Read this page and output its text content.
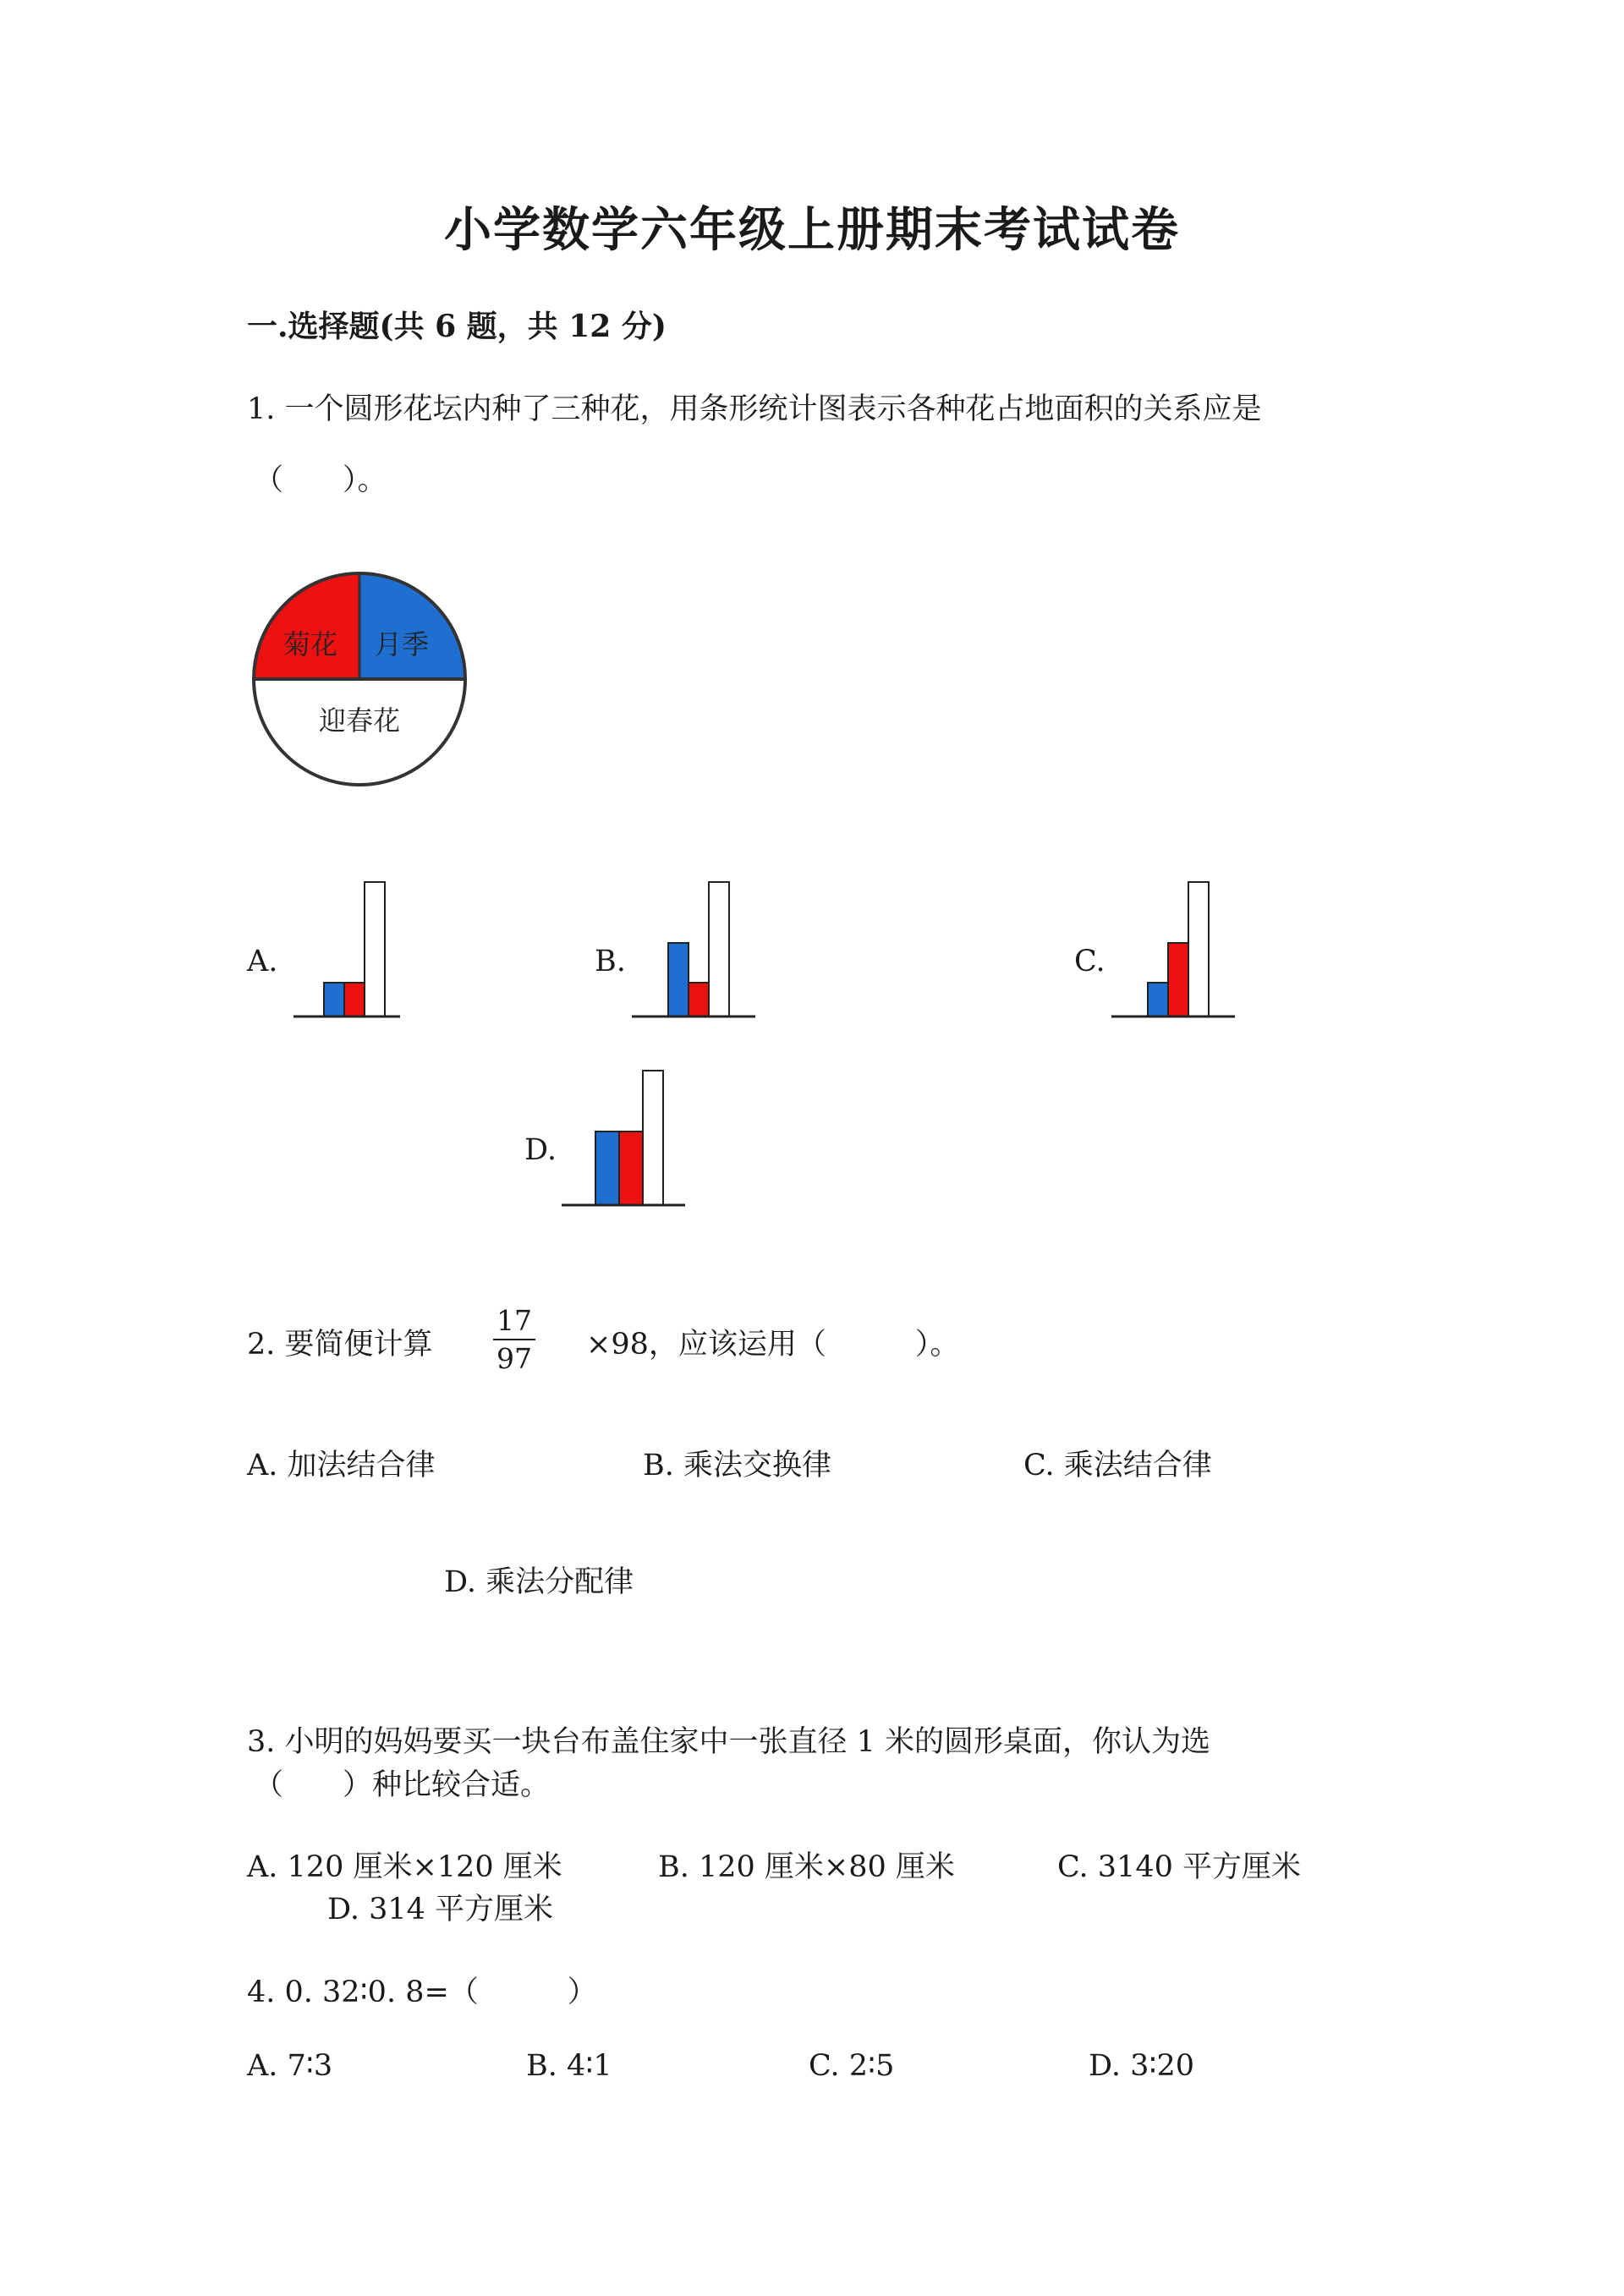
小学数学六年级上册期末考试试卷
一.选择题(共 6 题，共 12 分)
1. 一个圆形花坛内种了三种花，用条形统计图表示各种花占地面积的关系应是
（　　）。
菊花 月季
迎春花
A.	B.	C.
D.
2. 要简便计算 $\frac{17}{97} \times 98$，应该运用（　　　）。
A. 加法结合律	B. 乘法交换律	C. 乘法结合律
D. 乘法分配律
3. 小明的妈妈要买一块台布盖住家中一张直径 1 米的圆形桌面，你认为选
（　　）种比较合适。
A. 120 厘米×120 厘米	B. 120 厘米×80 厘米	C. 3140 平方厘米
D. 314 平方厘米
4. 0. 32∶0. 8=（　　　）
A. 7∶3	B. 4∶1	C. 2∶5	D. 3∶20
